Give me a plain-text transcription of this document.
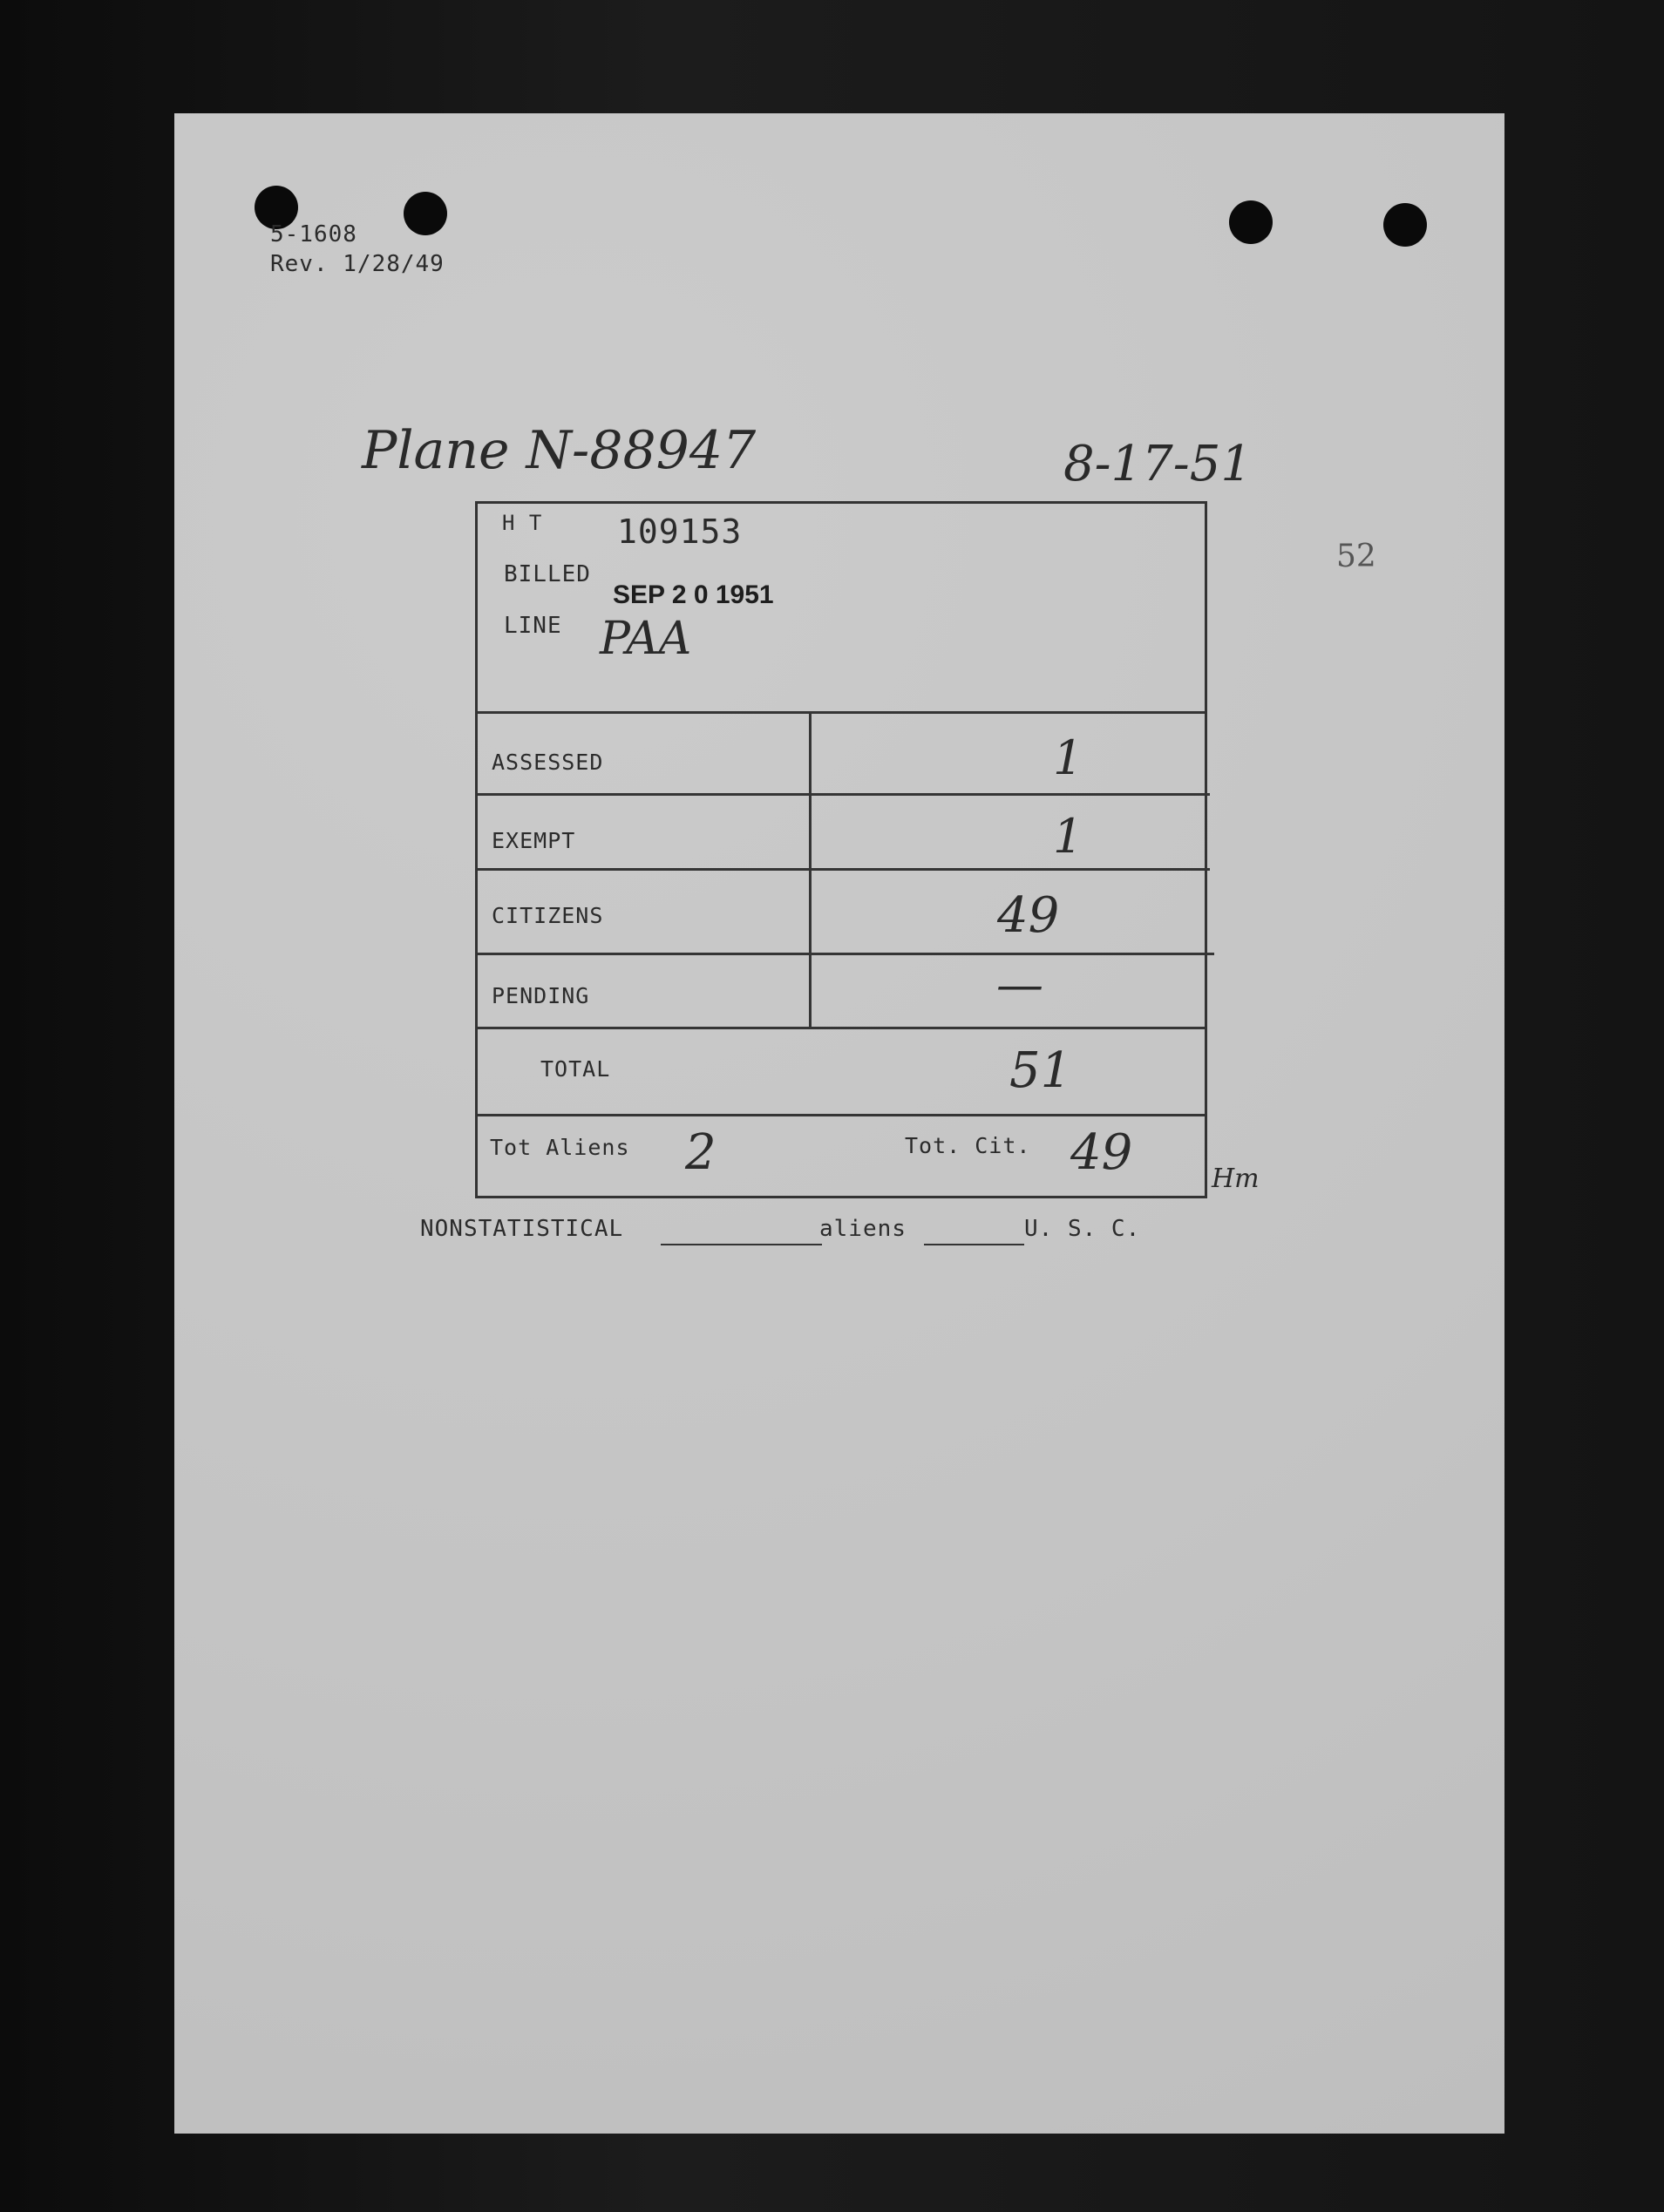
5-1608
Rev. 1/28/49
Plane N-88947	8-17-51
52
H T 109153
BILLED
SEP 2 0 1951
LINE PAA
ASSESSED	1
EXEMPT	1
CITIZENS	49
PENDING	—
TOTAL	51
Tot Aliens 2	Tot. Cit. 49	Hm
NONSTATISTICAL	aliens	U. S. C.
